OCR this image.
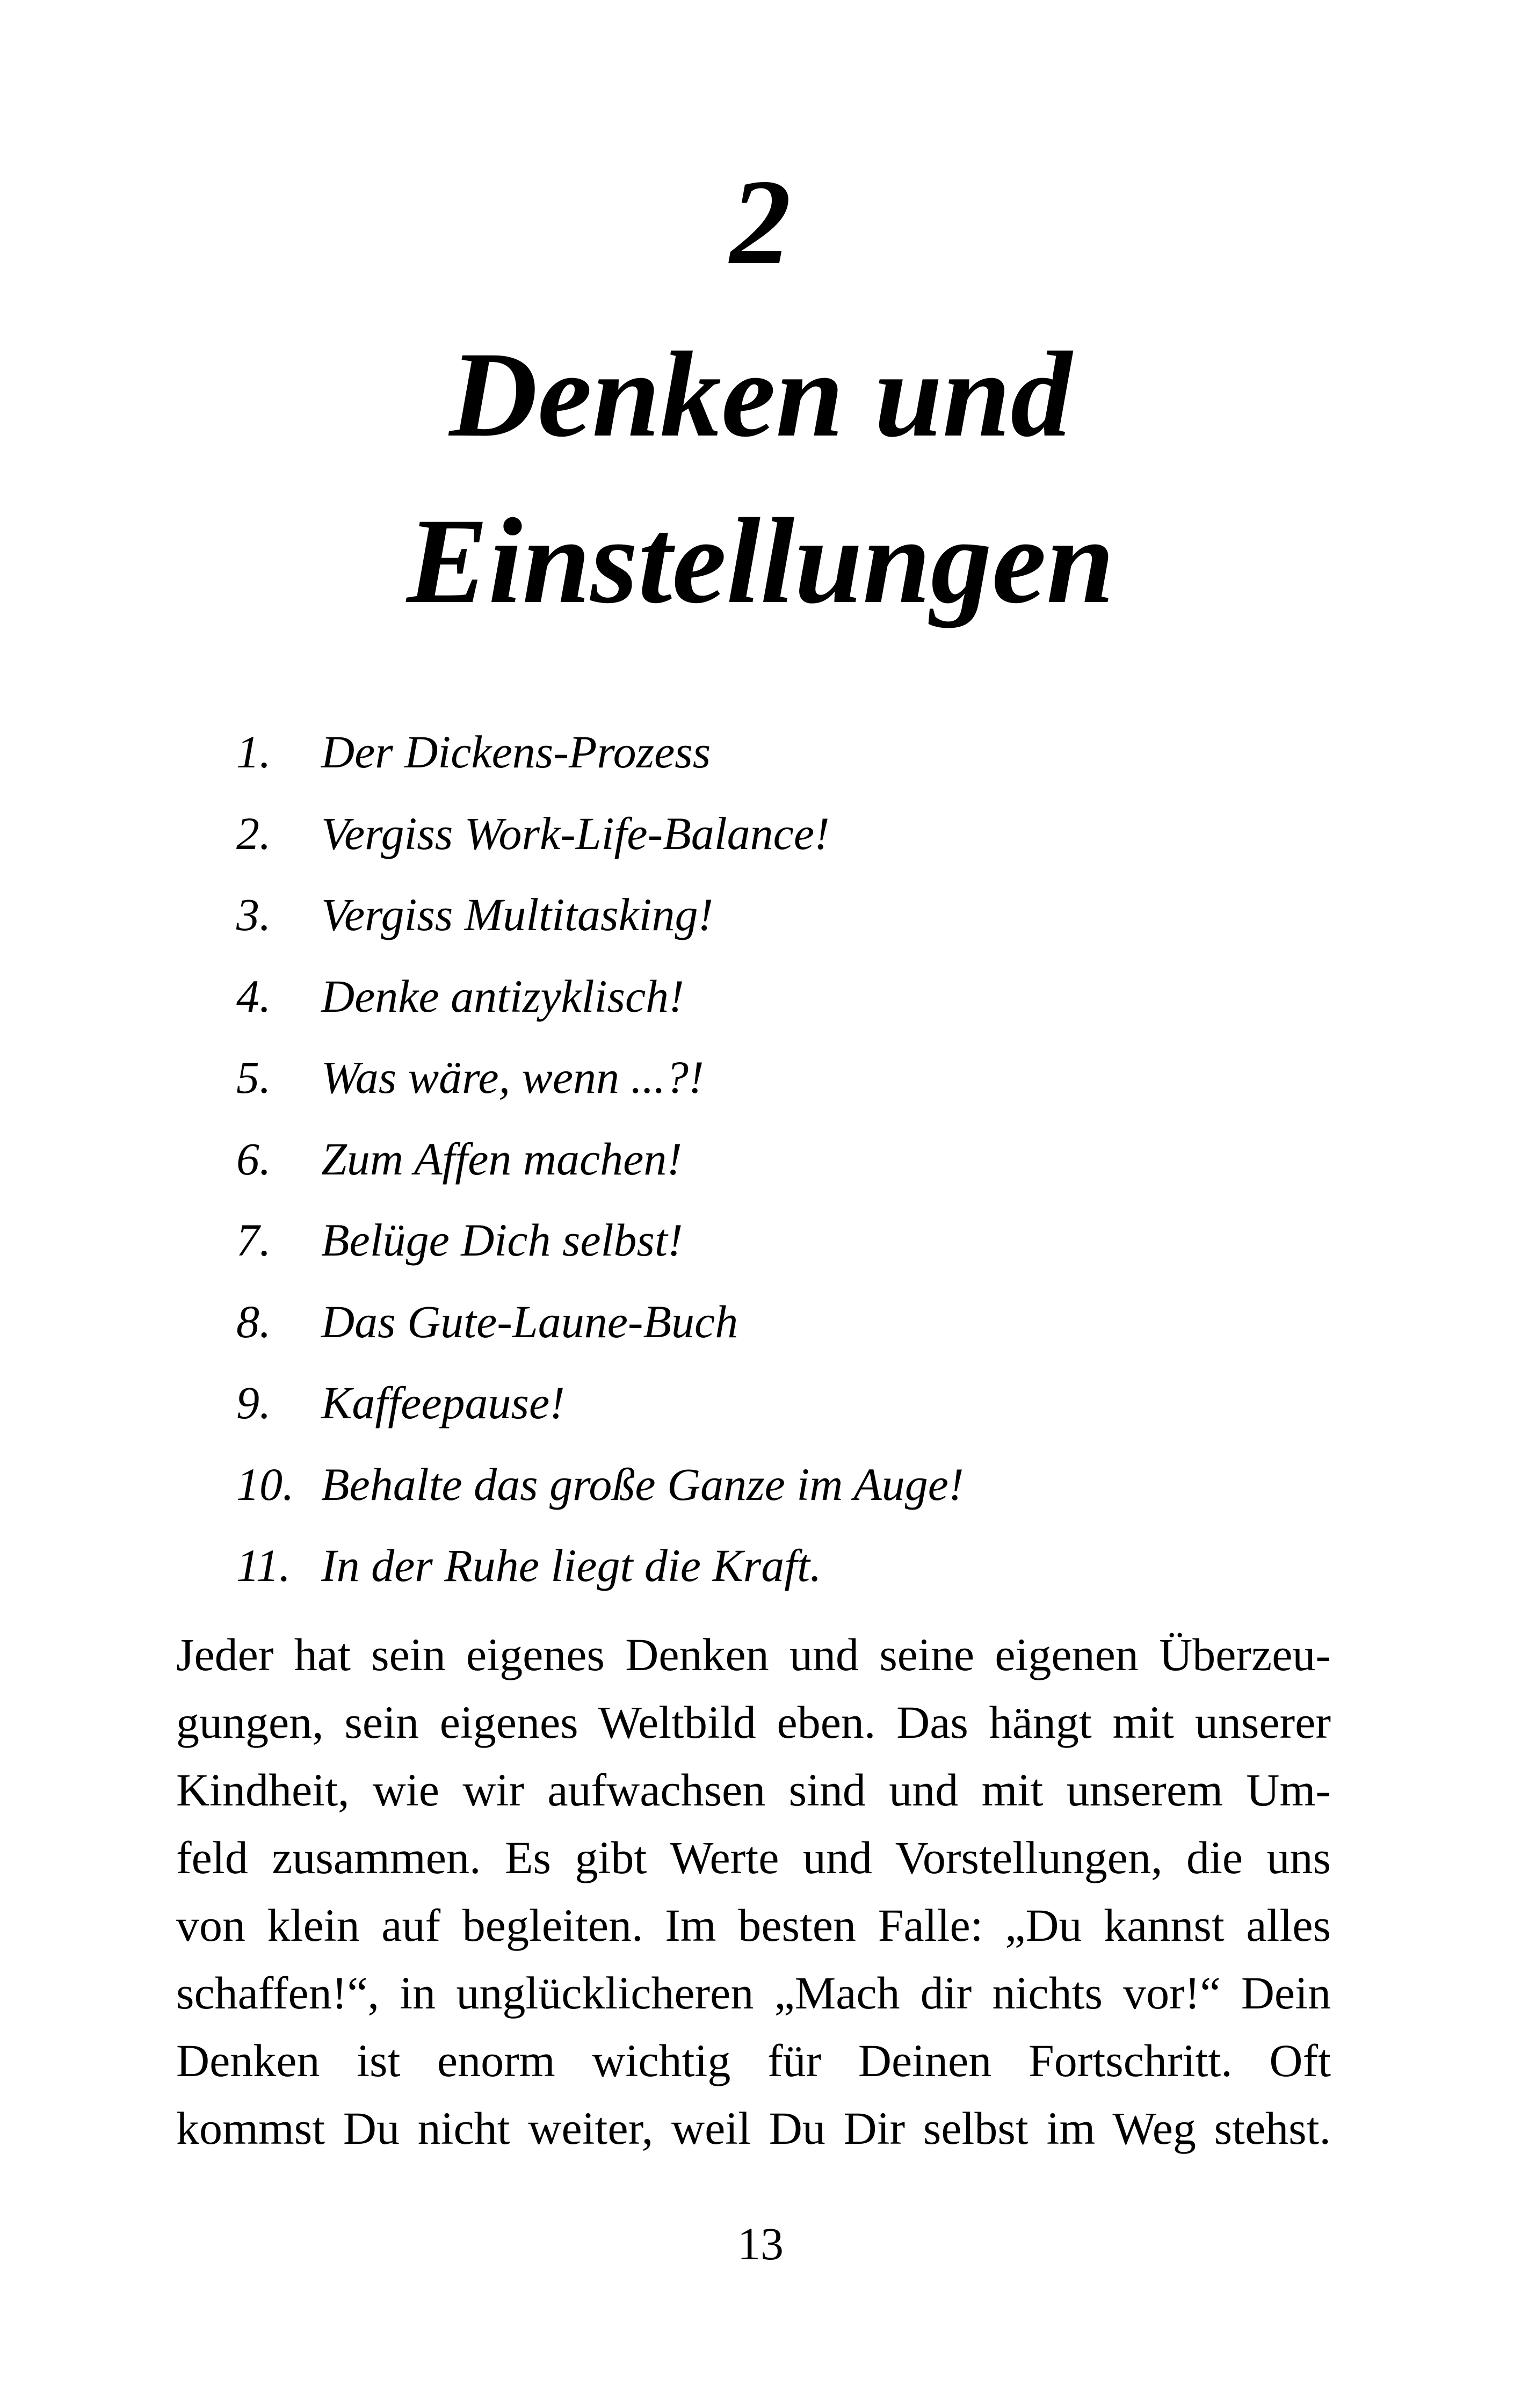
2
Denken und
Einstellungen
1.	Der Dickens-Prozess
2.	Vergiss Work-Life-Balance!
3.	Vergiss Multitasking!
4.	Denke antizyklisch!
5.	Was wäre, wenn ...?!
6.	Zum Affen machen!
7.	Belüge Dich selbst!
8.	Das Gute-Laune-Buch
9.	Kaffeepause!
10. Behalte das große Ganze im Auge!
11. In der Ruhe liegt die Kraft.

Jeder hat sein eigenes Denken und seine eigenen Überzeu-
gungen, sein eigenes Weltbild eben. Das hängt mit unserer
Kindheit, wie wir aufwachsen sind und mit unserem Um-
feld zusammen. Es gibt Werte und Vorstellungen, die uns
von klein auf begleiten. Im besten Falle: „Du kannst alles
schaffen!“, in unglücklicheren „Mach dir nichts vor!“ Dein
Denken ist enorm wichtig für Deinen Fortschritt. Oft
kommst Du nicht weiter, weil Du Dir selbst im Weg stehst.

13
